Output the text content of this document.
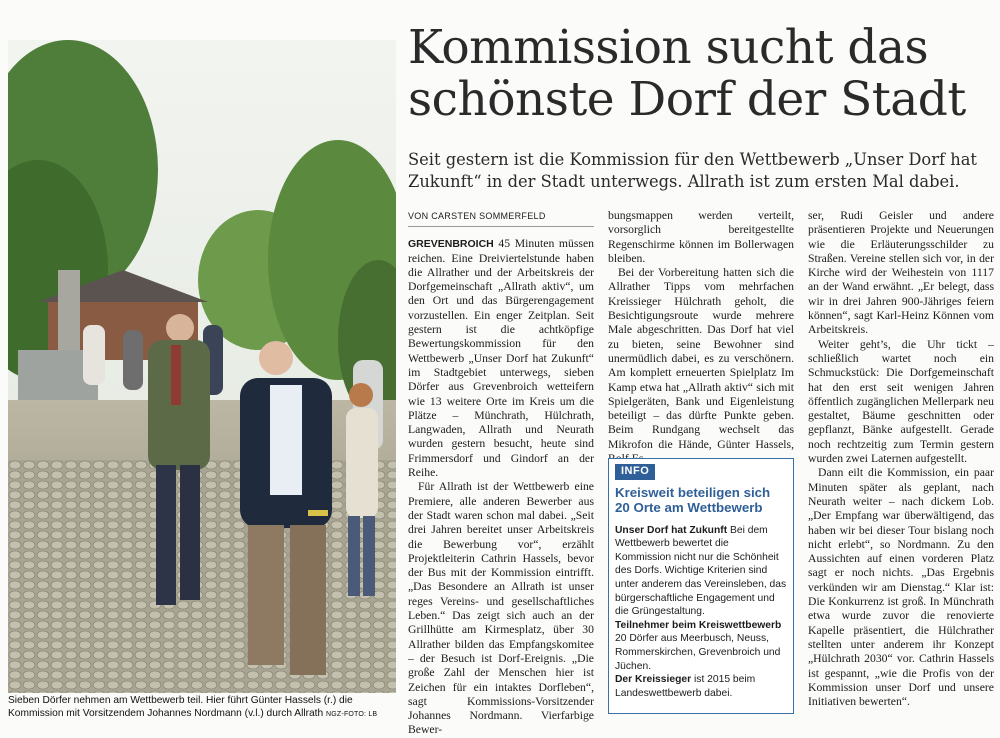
Sieben Dörfer nehmen am Wettbewerb teil. Hier führt Günter Hassels (r.) die Kommission mit Vorsitzendem Johannes Nordmann (v.l.) durch Allrath NGZ-FOTO: LB
Kommission sucht das
schönste Dorf der Stadt
Seit gestern ist die Kommission für den Wettbewerb „Unser Dorf hat Zukunft“ in der Stadt unterwegs. Allrath ist zum ersten Mal dabei.
VON CARSTEN SOMMERFELD

GREVENBROICH 45 Minuten müssen reichen. Eine Dreiviertelstunde haben die Allrather und der Arbeitskreis der Dorfgemeinschaft „Allrath aktiv“, um den Ort und das Bürgerengagement vorzustellen. Ein enger Zeitplan. Seit gestern ist die achtköpfige Bewertungskommission für den Wettbewerb „Unser Dorf hat Zukunft“ im Stadtgebiet unterwegs, sieben Dörfer aus Grevenbroich wetteifern wie 13 weitere Orte im Kreis um die Plätze – Münchrath, Hülchrath, Langwaden, Allrath und Neurath wurden gestern besucht, heute sind Frimmersdorf und Gindorf an der Reihe.

Für Allrath ist der Wettbewerb eine Premiere, alle anderen Bewerber aus der Stadt waren schon mal dabei. „Seit drei Jahren bereitet unser Arbeitskreis die Bewerbung vor“, erzählt Projektleiterin Cathrin Hassels, bevor der Bus mit der Kommission eintrifft. „Das Besondere an Allrath ist unser reges Vereins- und gesellschaftliches Leben.“ Das zeigt sich auch an der Grillhütte am Kirmesplatz, über 30 Allrather bilden das Empfangskomitee – der Besuch ist Dorf-Ereignis. „Die große Zahl der Menschen hier ist Zeichen für ein intaktes Dorfleben“, sagt Kommissions-Vorsitzender Johannes Nordmann. Vierfarbige Bewer-

bungsmappen werden verteilt, vorsorglich bereitgestellte Regenschirme können im Bollerwagen bleiben.

Bei der Vorbereitung hatten sich die Allrather Tipps vom mehrfachen Kreissieger Hülchrath geholt, die Besichtigungsroute wurde mehrere Male abgeschritten. Das Dorf hat viel zu bieten, seine Bewohner sind unermüdlich dabei, es zu verschönern. Am komplett erneuerten Spielplatz Im Kamp etwa hat „Allrath aktiv“ sich mit Spielgeräten, Bank und Eigenleistung beteiligt – das dürfte Punkte geben. Beim Rundgang wechselt das Mikrofon die Hände, Günter Hassels,

INFO
Kreisweit beteiligen sich 20 Orte am Wettbewerb

Unser Dorf hat Zukunft Bei dem Wettbewerb bewertet die Kommission nicht nur die Schönheit des Dorfs. Wichtige Kriterien sind unter anderem das Vereinsleben, das bürgerschaftliche Engagement und die Grüngestaltung.

Teilnehmer beim Kreiswettbewerb 20 Dörfer aus Meerbusch, Neuss, Rommerskirchen, Grevenbroich und Jüchen.

Der Kreissieger ist 2015 beim Landeswettbewerb dabei.

ser, Rudi Geisler und andere präsentieren Projekte und Neuerungen wie die Erläuterungsschilder zu Straßen. Vereine stellen sich vor, in der Kirche wird der Weihestein von 1117 an der Wand erwähnt. „Er belegt, dass wir in drei Jahren 900-Jähriges feiern können“, sagt Karl-Heinz Können vom Arbeitskreis.

Weiter geht’s, die Uhr tickt – schließlich wartet noch ein Schmuckstück: Die Dorfgemeinschaft hat den erst seit wenigen Jahren öffentlich zugänglichen Mellerpark neu gestaltet, Bäume geschnitten oder gepflanzt, Bänke aufgestellt. Gerade noch rechtzeitig zum Termin gestern wurden zwei Laternen aufgestellt.

Dann eilt die Kommission, ein paar Minuten später als geplant, nach Neurath weiter – nach dickem Lob. „Der Empfang war überwältigend, das haben wir bei dieser Tour bislang noch nicht erlebt“, so Nordmann. Zu den Aussichten auf einen vorderen Platz sagt er noch nichts. „Das Ergebnis verkünden wir am Dienstag.“ Klar ist: Die Konkurrenz ist groß. In Münchrath etwa wurde zuvor die renovierte Kapelle präsentiert, die Hülchrather stellten unter anderem ihr Konzept „Hülchrath 2030“ vor. Cathrin Hassels ist gespannt, „wie die Profis von der Kommission unser Dorf und unsere Initiativen bewerten“.
